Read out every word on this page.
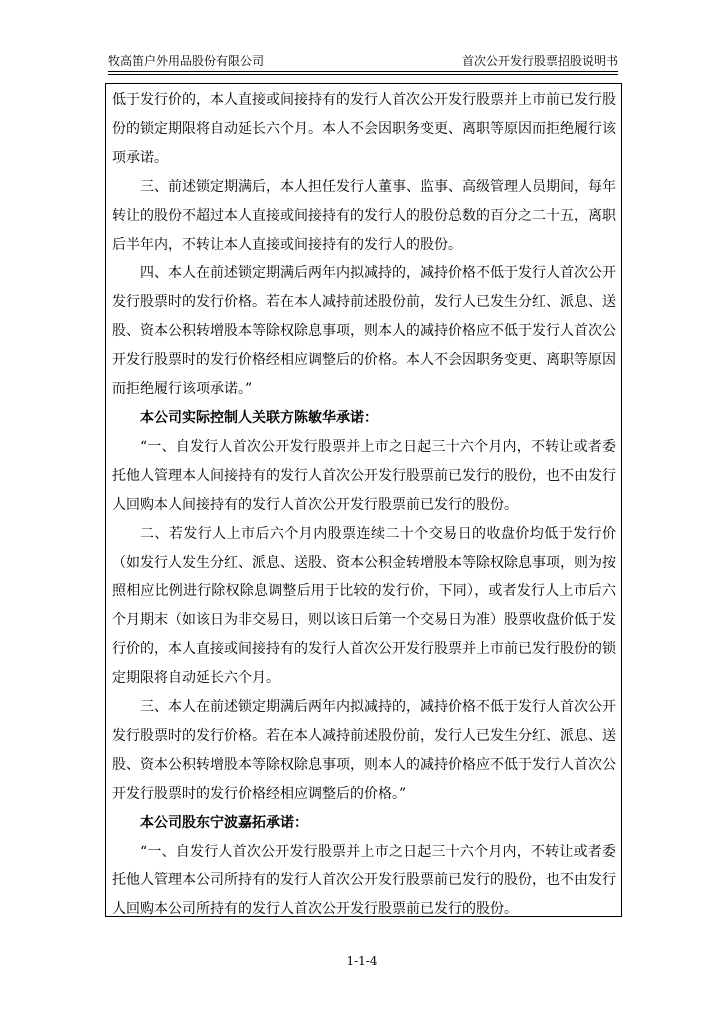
牧高笛户外用品股份有限公司	首次公开发行股票招股说明书

低于发行价的，本人直接或间接持有的发行人首次公开发行股票并上市前已发行股份的锁定期限将自动延长六个月。本人不会因职务变更、离职等原因而拒绝履行该项承诺。

三、前述锁定期满后，本人担任发行人董事、监事、高级管理人员期间，每年转让的股份不超过本人直接或间接持有的发行人的股份总数的百分之二十五，离职后半年内，不转让本人直接或间接持有的发行人的股份。

四、本人在前述锁定期满后两年内拟减持的，减持价格不低于发行人首次公开发行股票时的发行价格。若在本人减持前述股份前，发行人已发生分红、派息、送股、资本公积转增股本等除权除息事项，则本人的减持价格应不低于发行人首次公开发行股票时的发行价格经相应调整后的价格。本人不会因职务变更、离职等原因而拒绝履行该项承诺。”

本公司实际控制人关联方陈敏华承诺：

“一、自发行人首次公开发行股票并上市之日起三十六个月内，不转让或者委托他人管理本人间接持有的发行人首次公开发行股票前已发行的股份，也不由发行人回购本人间接持有的发行人首次公开发行股票前已发行的股份。

二、若发行人上市后六个月内股票连续二十个交易日的收盘价均低于发行价（如发行人发生分红、派息、送股、资本公积金转增股本等除权除息事项，则为按照相应比例进行除权除息调整后用于比较的发行价，下同），或者发行人上市后六个月期末（如该日为非交易日，则以该日后第一个交易日为准）股票收盘价低于发行价的，本人直接或间接持有的发行人首次公开发行股票并上市前已发行股份的锁定期限将自动延长六个月。

三、本人在前述锁定期满后两年内拟减持的，减持价格不低于发行人首次公开发行股票时的发行价格。若在本人减持前述股份前，发行人已发生分红、派息、送股、资本公积转增股本等除权除息事项，则本人的减持价格应不低于发行人首次公开发行股票时的发行价格经相应调整后的价格。”

本公司股东宁波嘉拓承诺：

“一、自发行人首次公开发行股票并上市之日起三十六个月内，不转让或者委托他人管理本公司所持有的发行人首次公开发行股票前已发行的股份，也不由发行人回购本公司所持有的发行人首次公开发行股票前已发行的股份。

1-1-4
